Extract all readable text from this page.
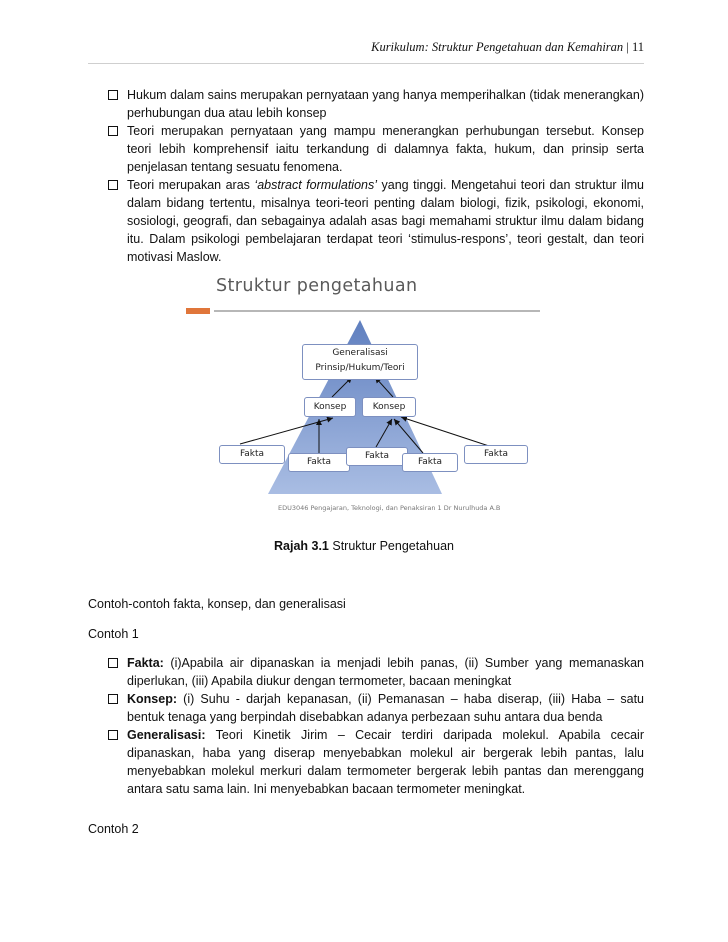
Kurikulum: Struktur Pengetahuan dan Kemahiran | 11

Hukum dalam sains merupakan pernyataan yang hanya memperihalkan (tidak menerangkan) perhubungan dua atau lebih konsep

Teori merupakan pernyataan yang mampu menerangkan perhubungan tersebut. Konsep teori lebih komprehensif iaitu terkandung di dalamnya fakta, hukum, dan prinsip serta penjelasan tentang sesuatu fenomena.

Teori merupakan aras ‘abstract formulations’ yang tinggi. Mengetahui teori dan struktur ilmu dalam bidang tertentu, misalnya teori-teori penting dalam biologi, fizik, psikologi, ekonomi, sosiologi, geografi, dan sebagainya adalah asas bagi memahami struktur ilmu dalam bidang itu. Dalam psikologi pembelajaran terdapat teori ‘stimulus-respons’, teori gestalt, dan teori motivasi Maslow.

Struktur pengetahuan
Generalisasi
Prinsip/Hukum/Teori
Konsep	Konsep
Fakta
Fakta
Fakta
Fakta
Fakta
EDU3046 Pengajaran, Teknologi, dan Penaksiran 1 Dr Nurulhuda A.B
Rajah 3.1 Struktur Pengetahuan
Contoh-contoh fakta, konsep, dan generalisasi
Contoh 1

Fakta: (i)Apabila air dipanaskan ia menjadi lebih panas, (ii) Sumber yang memanaskan diperlukan, (iii) Apabila diukur dengan termometer, bacaan meningkat

Konsep: (i) Suhu - darjah kepanasan, (ii) Pemanasan – haba diserap, (iii) Haba – satu bentuk tenaga yang berpindah disebabkan adanya perbezaan suhu antara dua benda

Generalisasi: Teori Kinetik Jirim – Cecair terdiri daripada molekul. Apabila cecair dipanaskan, haba yang diserap menyebabkan molekul air bergerak lebih pantas, lalu menyebabkan molekul merkuri dalam termometer bergerak lebih pantas dan merenggang antara satu sama lain. Ini menyebabkan bacaan termometer meningkat.

Contoh 2
